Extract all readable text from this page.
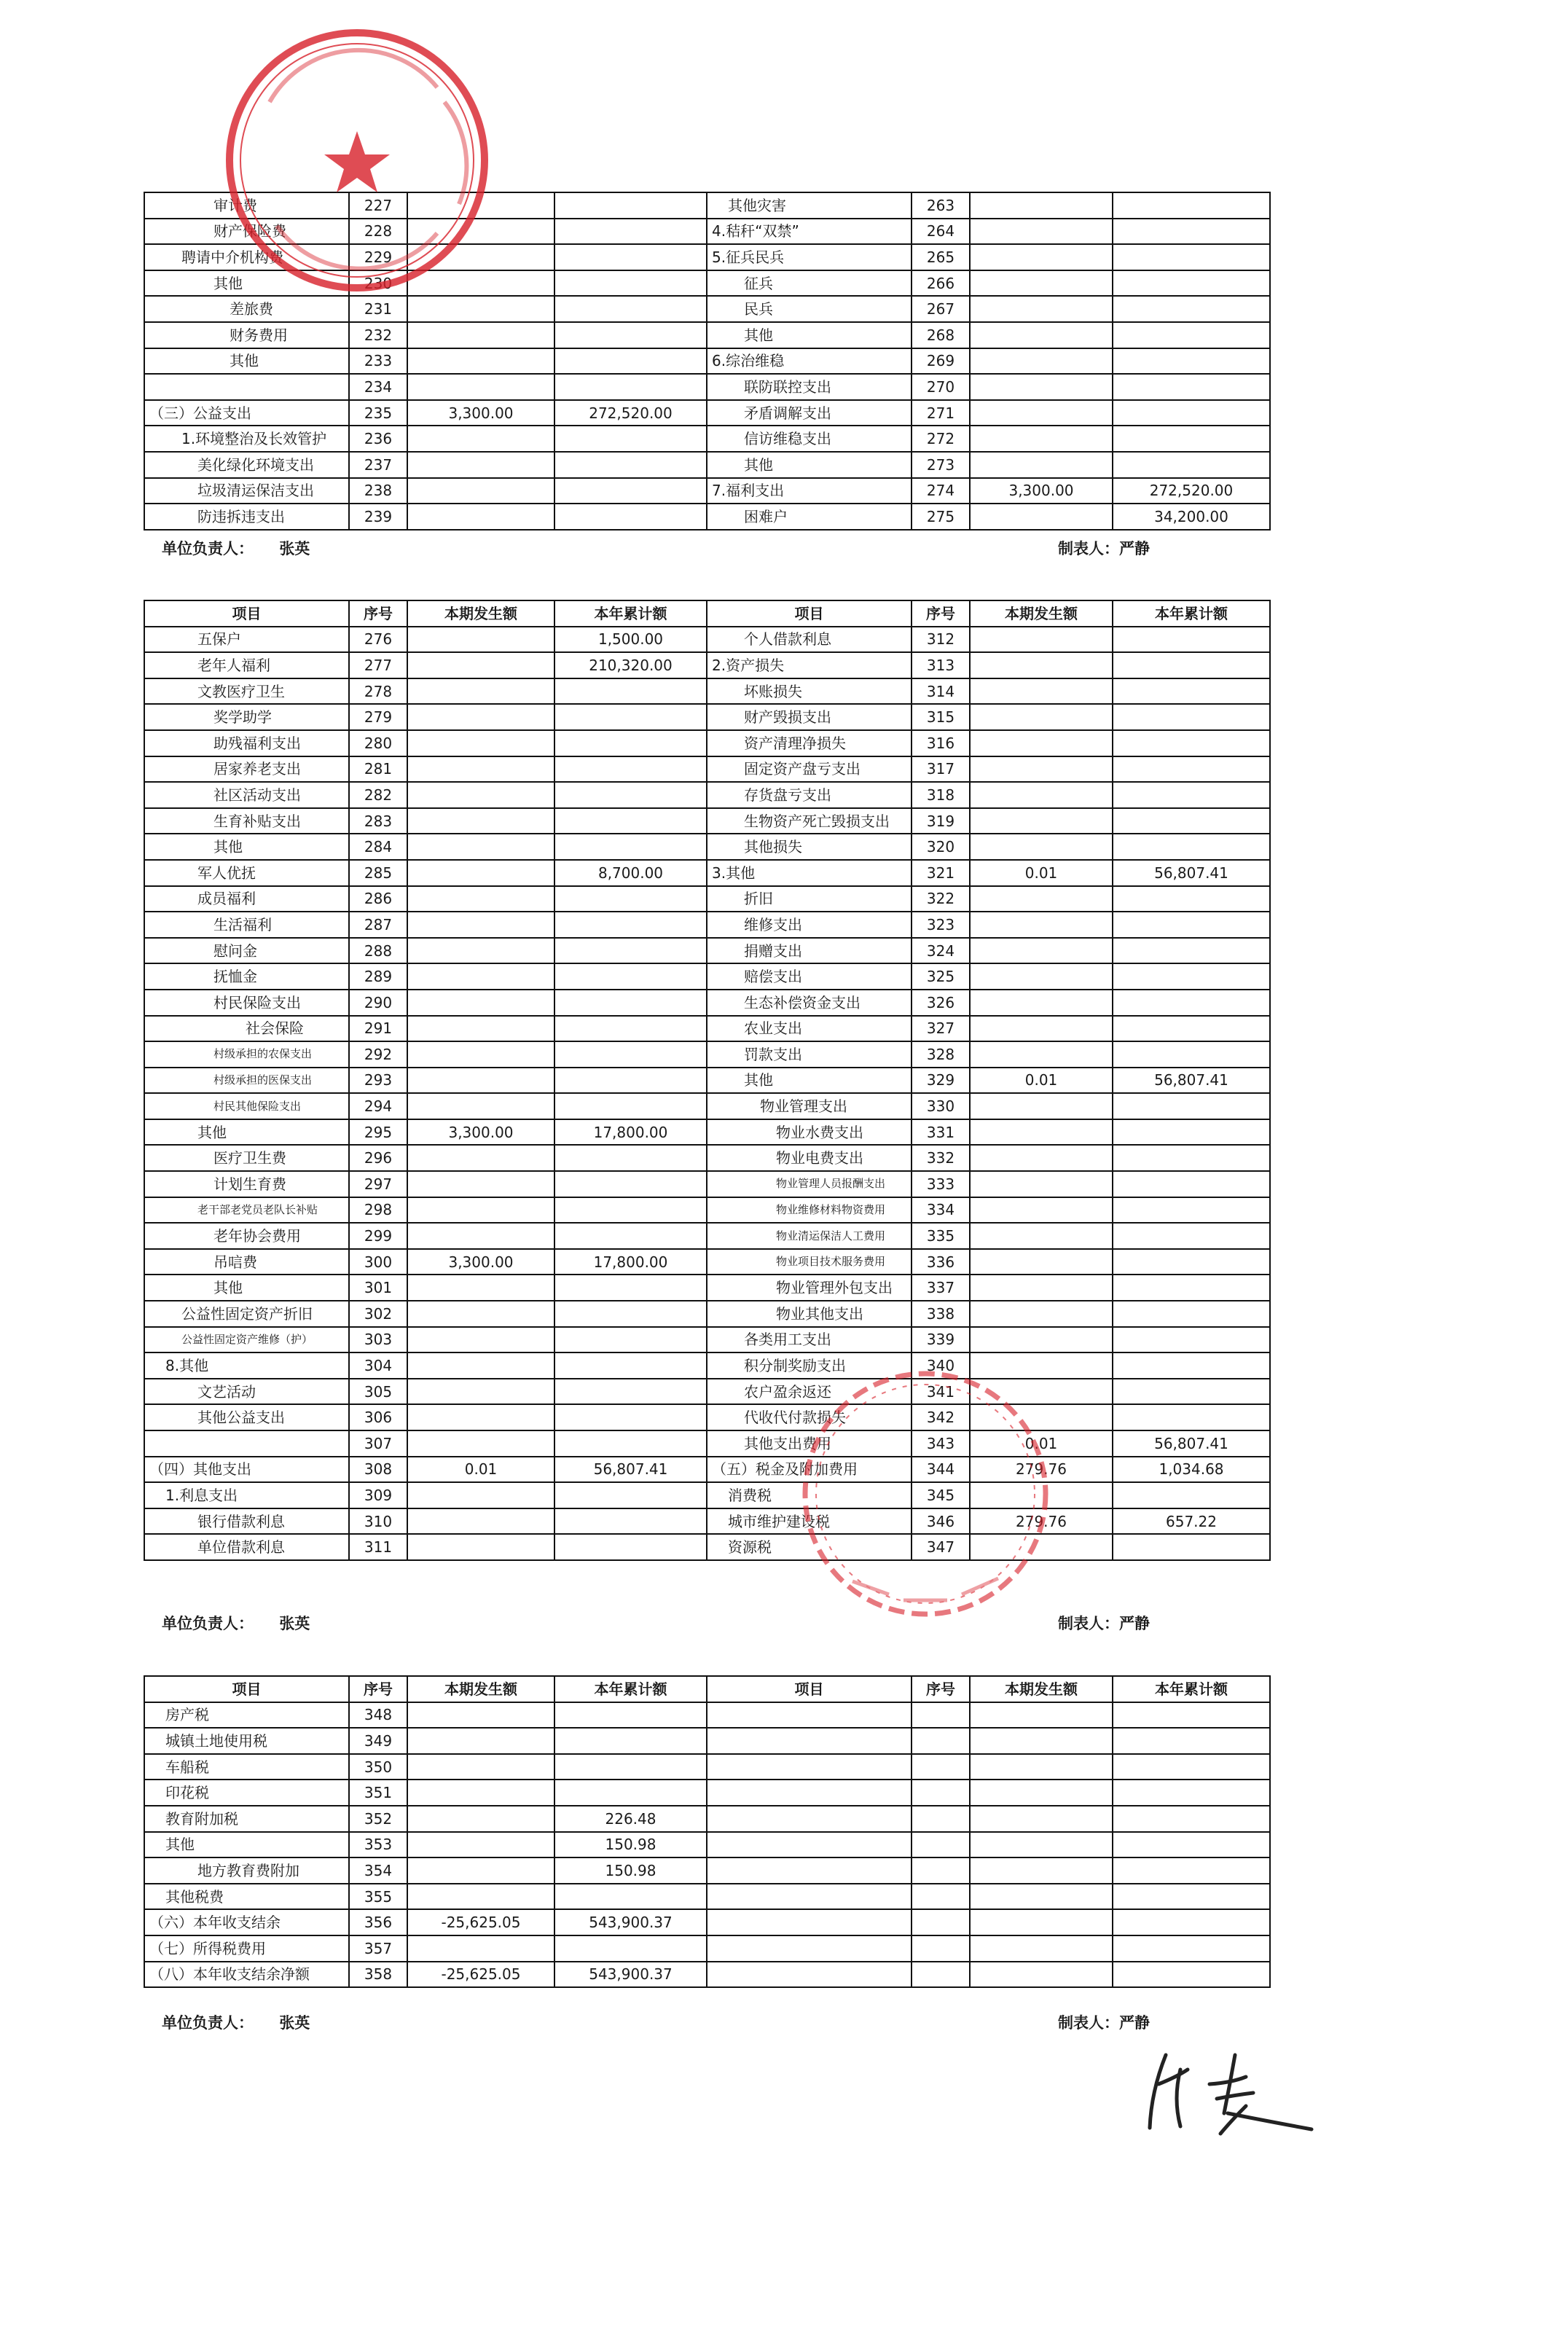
审计费	227			其他灾害	263		
财产保险费	228			4.秸秆“双禁”	264		
聘请中介机构费	229			5.征兵民兵	265		
其他	230			征兵	266		
差旅费	231			民兵	267		
财务费用	232			其他	268		
其他	233			6.综治维稳	269		
	234			联防联控支出	270		
（三）公益支出	235	3,300.00	272,520.00	矛盾调解支出	271		
1.环境整治及长效管护	236			信访维稳支出	272		
美化绿化环境支出	237			其他	273		
垃圾清运保洁支出	238			7.福利支出	274	3,300.00	272,520.00
防违拆违支出	239			困难户	275		34,200.00
单位负责人： 张英	制表人：严静
项目	序号	本期发生额	本年累计额	项目	序号	本期发生额	本年累计额
五保户	276		1,500.00	个人借款利息	312		
老年人福利	277		210,320.00	2.资产损失	313		
文教医疗卫生	278			坏账损失	314		
奖学助学	279			财产毁损支出	315		
助残福利支出	280			资产清理净损失	316		
居家养老支出	281			固定资产盘亏支出	317		
社区活动支出	282			存货盘亏支出	318		
生育补贴支出	283			生物资产死亡毁损支出	319		
其他	284			其他损失	320		
军人优抚	285		8,700.00	3.其他	321	0.01	56,807.41
成员福利	286			折旧	322		
生活福利	287			维修支出	323		
慰问金	288			捐赠支出	324		
抚恤金	289			赔偿支出	325		
村民保险支出	290			生态补偿资金支出	326		
社会保险	291			农业支出	327		
村级承担的农保支出	292			罚款支出	328		
村级承担的医保支出	293			其他	329	0.01	56,807.41
村民其他保险支出	294			物业管理支出	330		
其他	295	3,300.00	17,800.00	物业水费支出	331		
医疗卫生费	296			物业电费支出	332		
计划生育费	297			物业管理人员报酬支出	333		
老干部老党员老队长补贴	298			物业维修材料物资费用	334		
老年协会费用	299			物业清运保洁人工费用	335		
吊唁费	300	3,300.00	17,800.00	物业项目技术服务费用	336		
其他	301			物业管理外包支出	337		
公益性固定资产折旧	302			物业其他支出	338		
公益性固定资产维修（护）	303			各类用工支出	339		
8.其他	304			积分制奖励支出	340		
文艺活动	305			农户盈余返还	341		
其他公益支出	306			代收代付款损失	342		
	307			其他支出费用	343	0.01	56,807.41
（四）其他支出	308	0.01	56,807.41	（五）税金及附加费用	344	279.76	1,034.68
1.利息支出	309			消费税	345		
银行借款利息	310			城市维护建设税	346	279.76	657.22
单位借款利息	311			资源税	347		
单位负责人： 张英	制表人：严静
项目	序号	本期发生额	本年累计额	项目	序号	本期发生额	本年累计额
房产税	348						
城镇土地使用税	349						
车船税	350						
印花税	351						
教育附加税	352		226.48				
其他	353		150.98				
地方教育费附加	354		150.98				
其他税费	355						
（六）本年收支结余	356	-25,625.05	543,900.37				
（七）所得税费用	357						
（八）本年收支结余净额	358	-25,625.05	543,900.37				
单位负责人： 张英	制表人：严静
